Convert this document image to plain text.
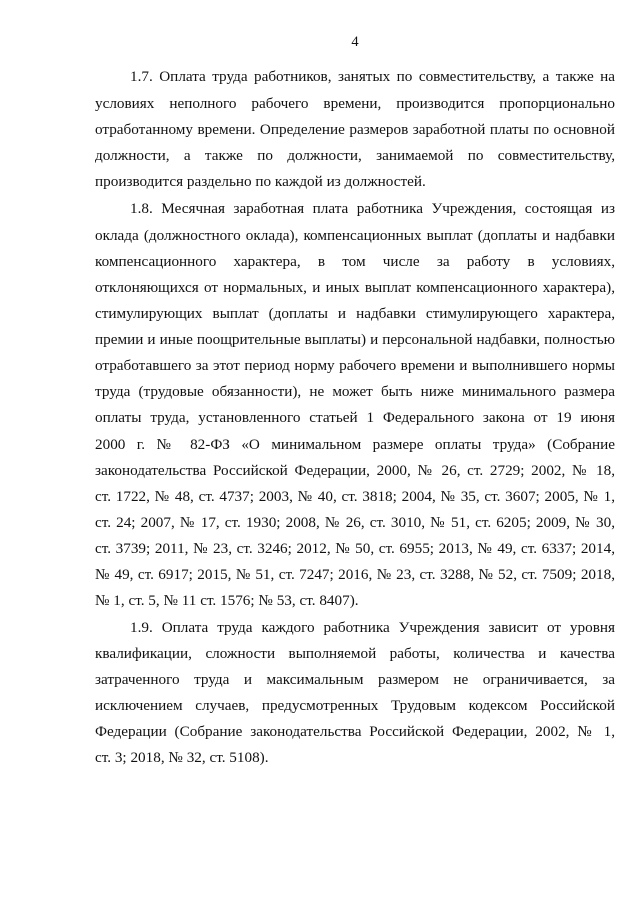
4
1.7. Оплата труда работников, занятых по совместительству, а также на
условиях неполного рабочего времени, производится пропорционально
отработанному времени. Определение размеров заработной платы по основной
должности, а также по должности, занимаемой по совместительству,
производится раздельно по каждой из должностей.
1.8. Месячная заработная плата работника Учреждения, состоящая из
оклада (должностного оклада), компенсационных выплат (доплаты и надбавки
компенсационного характера, в том числе за работу в условиях,
отклоняющихся от нормальных, и иных выплат компенсационного характера),
стимулирующих выплат (доплаты и надбавки стимулирующего характера,
премии и иные поощрительные выплаты) и персональной надбавки, полностью
отработавшего за этот период норму рабочего времени и выполнившего нормы
труда (трудовые обязанности), не может быть ниже минимального размера
оплаты труда, установленного статьей 1 Федерального закона от 19 июня
2000 г. № 82-ФЗ «О минимальном размере оплаты труда» (Собрание
законодательства Российской Федерации, 2000, № 26, ст. 2729; 2002, № 18,
ст. 1722, № 48, ст. 4737; 2003, № 40, ст. 3818; 2004, № 35, ст. 3607; 2005, № 1,
ст. 24; 2007, № 17, ст. 1930; 2008, № 26, ст. 3010, № 51, ст. 6205; 2009, № 30,
ст. 3739; 2011, № 23, ст. 3246; 2012, № 50, ст. 6955; 2013, № 49, ст. 6337; 2014,
№ 49, ст. 6917; 2015, № 51, ст. 7247; 2016, № 23, ст. 3288, № 52, ст. 7509; 2018,
№ 1, ст. 5, № 11 ст. 1576; № 53, ст. 8407).
1.9. Оплата труда каждого работника Учреждения зависит от уровня
квалификации, сложности выполняемой работы, количества и качества
затраченного труда и максимальным размером не ограничивается, за
исключением случаев, предусмотренных Трудовым кодексом Российской
Федерации (Собрание законодательства Российской Федерации, 2002, № 1,
ст. 3; 2018, № 32, ст. 5108).
